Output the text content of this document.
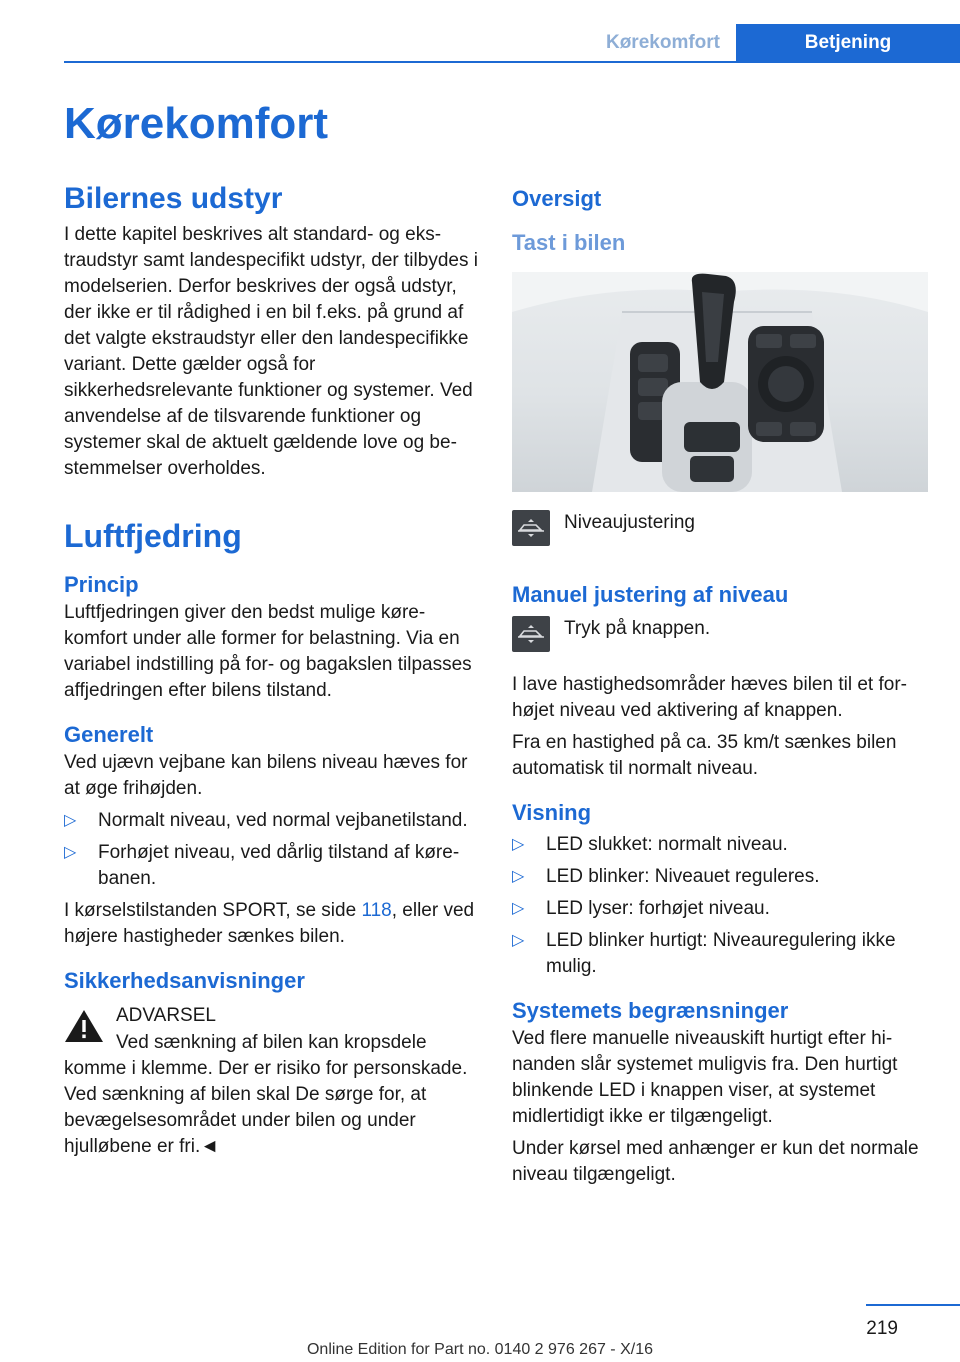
Kørekomfort	Betjening
Kørekomfort
Bilernes udstyr

I dette kapitel beskrives alt standard- og ekstraudstyr samt landespecifikt udstyr, der tilbydes i modelserien. Derfor beskrives der også udstyr, der ikke er til rådighed i en bil f.eks. på grund af det valgte ekstraudstyr eller den landespecifikke variant. Dette gælder også for sikkerhedsrelevante funktioner og systemer. Ved anvendelse af de tilsvarende funktioner og systemer skal de aktuelt gældende love og bestemmelser overholdes.

Luftfjedring
Princip

Luftfjedringen giver den bedst mulige kørekomfort under alle former for belastning. Via en variabel indstilling på for- og bagakslen tilpasses affjedringen efter bilens tilstand.

Generelt

Ved ujævn vejbane kan bilens niveau hæves for at øge frihøjden.

▷ Normalt niveau, ved normal vejbanetilstand.
▷ Forhøjet niveau, ved dårlig tilstand af kørebanen.

I kørselstilstanden SPORT, se side 118, eller ved højere hastigheder sænkes bilen.

Sikkerhedsanvisninger
ADVARSEL
Ved sænkning af bilen kan kropsdele
komme i klemme. Der er risiko for personskade. Ved sænkning af bilen skal De sørge for, at bevægelsesområdet under bilen og under hjulløbene er fri.◄
Oversigt
Tast i bilen
Niveaujustering
Manuel justering af niveau
Tryk på knappen.

I lave hastighedsområder hæves bilen til et forhøjet niveau ved aktivering af knappen.

Fra en hastighed på ca. 35 km/t sænkes bilen automatisk til normalt niveau.

Visning
▷ LED slukket: normalt niveau.
▷ LED blinker: Niveauet reguleres.
▷ LED lyser: forhøjet niveau.
▷ LED blinker hurtigt: Niveauregulering ikke mulig.
Systemets begrænsninger

Ved flere manuelle niveauskift hurtigt efter hinanden slår systemet muligvis fra. Den hurtigt blinkende LED i knappen viser, at systemet midlertidigt ikke er tilgængeligt.

Under kørsel med anhænger er kun det normale niveau tilgængeligt.

219
Online Edition for Part no. 0140 2 976 267 - X/16
